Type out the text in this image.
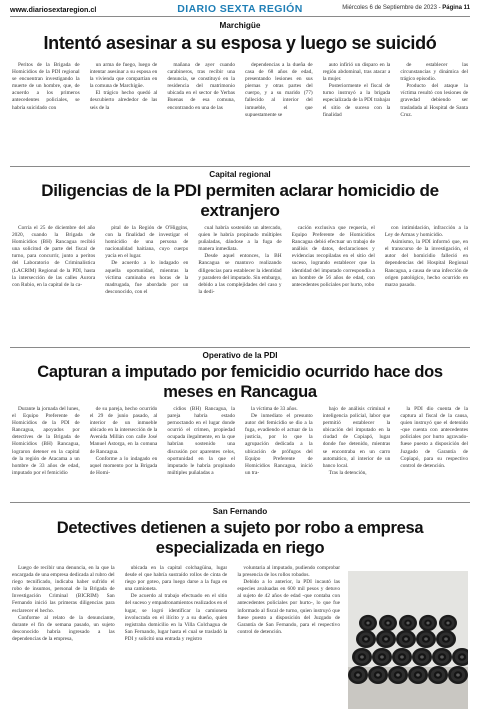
www.diariosextaregion.cl	DIARIO SEXTA REGIÓN	Miércoles 6 de Septiembre de 2023 - Página 11
Marchigüe
Intentó asesinar a su esposa y luego se suicidó

Peritos de la Brigada de Homicidios de la PDI regional se encuentran investigando la muerte de un hombre, que, de acuerdo a los primeros antecedentes policiales, se habría suicidado con

un arma de fuego, luego de intentar asesinar a su esposa en la vivienda que compartían en la comuna de Marchigüe.

El trágico hecho quedó al descubierto alrededor de las seis de la

mañana de ayer cuando carabineros, tras recibir una denuncia, se constituyó en la residencia del matrimonio ubicada en el sector de Yerbas Buenas de esa comuna, encontrando en una de las

dependencias a la dueña de casa de 68 años de edad, presentando lesiones en sus piernas y otras partes del cuerpo, y a su marido (77) fallecido al interior del inmueble, el que supuestamente se

auto infirió un disparo en la región abdominal, tras atacar a la mujer.

Posteriormente el fiscal de turno instruyó a la brigada especializada de la PDI trabajar el sitio de suceso con la finalidad

de establecer las circunstancias y dinámica del trágico episodio.

Producto del ataque la víctima resultó con lesiones de gravedad debiendo ser trasladada al Hospital de Santa Cruz.

Capital regional
Diligencias de la PDI permiten aclarar homicidio de extranjero

Corría el 25 de diciembre del año 2020, cuando la Brigada de Homicidios (BH) Rancagua recibió una solicitud de parte del fiscal de turno, para concurrir, junto a peritos del Laboratorio de Criminalística (LACRIM) Regional de la PDI, hasta la intersección de las calles Aurora con Rubio, en la capital de la ca-

pital de la Región de O'Higgins, con la finalidad de investigar el homicidio de una persona de nacionalidad haitiana, cuyo cuerpo yacía en el lugar.

De acuerdo a lo indagado en aquella oportunidad, mientras la víctima caminaba en horas de la madrugada, fue abordado por un desconocido, con el

cual habría sostenido un altercado, quien le habría propinado múltiples puñaladas, dándose a la fuga de manera inmediata.

Desde aquel entonces, la BH Rancagua se mantuvo realizando diligencias para establecer la identidad y paradero del imputado. Sin embargo, debido a las complejidades del caso y la dedi-

cación exclusiva que requería, el Equipo Preferente de Homicidios Rancagua debió efectuar un trabajo de análisis de datos, declaraciones y evidencias recopiladas en el sitio del suceso, logrando establecer que la identidad del imputado correspondía a un hombre de 56 años de edad, con antecedentes policiales por hurto, robo

con intimidación, infracción a la Ley de Armas y homicidio.

Asimismo, la PDI informó que, en el transcurso de la investigación, el autor del homicidio falleció en dependencias del Hospital Regional Rancagua, a causa de una infección de origen patológico, hecho ocurrido en marzo pasado.

Operativo de la PDI
Capturan a imputado por femicidio ocurrido hace dos meses en Rancagua

Durante la jornada del lunes, el Equipo Preferente de Homicidios de la PDI de Rancagua, apoyados por detectives de la Brigada de Homicidios (BH) Rancagua, lograron detener en la capital de la región de Atacama a un hombre de 33 años de edad, imputado por el femicidio

de su pareja, hecho ocurrido el 29 de junio pasado, al interior de un inmueble ubicado en la intersección de la Avenida Millán con calle José Manuel Astorga, en la comuna de Rancagua.

Conforme a lo indagado en aquel momento por la Brigada de Homi-

cidios (BH) Rancagua, la pareja habría estado pernoctando en el lugar donde ocurrió el crimen, propiedad ocupada ilegalmente, en la que habrían sostenido una discusión por aparentes celos, oportunidad en la que el imputado le habría propinado múltiples puñaladas a

la víctima de 33 años.

De inmediato el presunto autor del femicidio se dio a la fuga, evadiendo el actuar de la justicia, por lo que la agrupación dedicada a la ubicación de prófugos del Equipo Preferente de Homicidios Rancagua, inició un tra-

bajo de análisis criminal e inteligencia policial, labor que permitió establecer la ubicación del imputado en la ciudad de Copiapó, lugar donde fue detenido, mientras se encontraba en un carro automático, al interior de un banco local.

Tras la detención,

la PDI dio cuenta de la captura al fiscal de la causa, quien instruyó que el detenido -que cuenta con antecedentes policiales por hurto agravado- fuese puesto a disposición del Juzgado de Garantía de Copiapó, para su respectivo control de detención.

San Fernando
Detectives detienen a sujeto por robo a empresa especializada en riego

Luego de recibir una denuncia, en la que la encargada de una empresa dedicada al rubro del riego tecnificado, indicaba haber sufrido el robo de insumos, personal de la Brigada de Investigación Criminal (BICRIM) San Fernando inició las primeras diligencias para esclarecer el hecho.

Conforme al relato de la denunciante, durante el fin de semana pasado, un sujeto desconocido habría ingresado a las dependencias de la empresa,

ubicada en la capital colchagüina, lugar desde el que habría sustraído rollos de cinta de riego por goteo, para luego darse a la fuga en una camioneta.

De acuerdo al trabajo efectuado en el sitio del suceso y empadronamientos realizados en el lugar, se logró identificar la camioneta involucrada en el ilícito y a su dueño, quien registraba domicilio en la Villa Colchagua de San Fernando, lugar hasta el cual se trasladó la PDI y solicitó una entrada y registro

voluntaria al imputado, pudiendo comprobar la presencia de los rollos robados.

Debido a lo anterior, la PDI incautó las especies avaluadas en 600 mil pesos y detuvo al sujeto de 42 años de edad -que contaba con antecedentes policiales por hurto-, lo que fue informado al fiscal de turno, quien instruyó que fuese puesto a disposición del Juzgado de Garantía de San Fernando, para el respectivo control de detención.
